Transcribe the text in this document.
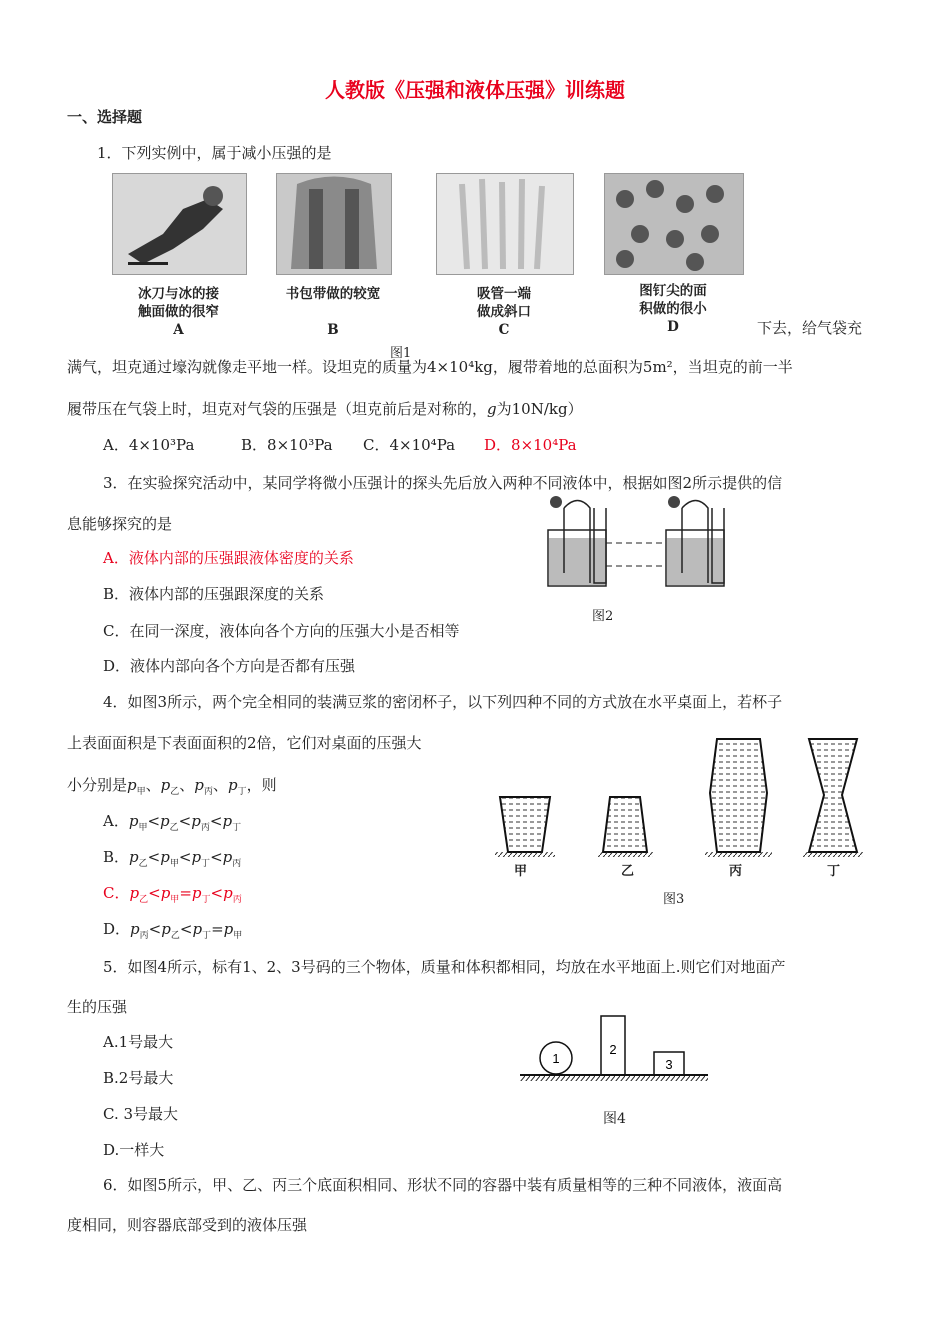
人教版《压强和液体压强》训练题
一、选择题
1．下列实例中，属于减小压强的是
冰刀与冰的接
触面做的很窄
A
书包带做的较宽
B
吸管一端
做成斜口
C
图钉尖的面
积做的很小
D
图1
下去，给气袋充
满气，坦克通过壕沟就像走平地一样。设坦克的质量为4×10⁴kg，履带着地的总面积为5m²，当坦克的前一半
履带压在气袋上时，坦克对气袋的压强是（坦克前后是对称的，g为10N/kg）
A．4×10³Pa	B．8×10³Pa C．4×10⁴Pa D．8×10⁴Pa
3．在实验探究活动中，某同学将微小压强计的探头先后放入两种不同液体中，根据如图2所示提供的信
息能够探究的是
A．液体内部的压强跟液体密度的关系
B．液体内部的压强跟深度的关系
C．在同一深度，液体向各个方向的压强大小是否相等
D．液体内部向各个方向是否都有压强
图2
4．如图3所示，两个完全相同的装满豆浆的密闭杯子，以下列四种不同的方式放在水平桌面上，若杯子
上表面面积是下表面面积的2倍，它们对桌面的压强大
小分别是$p_甲$、$p_乙$、$p_丙$、$p_丁$，则
A．$p_甲<p_乙<p_丙<p_丁$
B．$p_乙<p_甲<p_丁<p_丙$
C．$p_乙<p_甲=p_丁<p_丙$
D．$p_丙<p_乙<p_丁=p_甲$
甲	乙	丙	丁
图3
5．如图4所示，标有1、2、3号码的三个物体，质量和体积都相同，均放在水平地面上.则它们对地面产
生的压强
A.1号最大
B.2号最大
C. 3号最大
D.一样大
1
2
3
图4
6．如图5所示，甲、乙、丙三个底面积相同、形状不同的容器中装有质量相等的三种不同液体，液面高
度相同，则容器底部受到的液体压强
